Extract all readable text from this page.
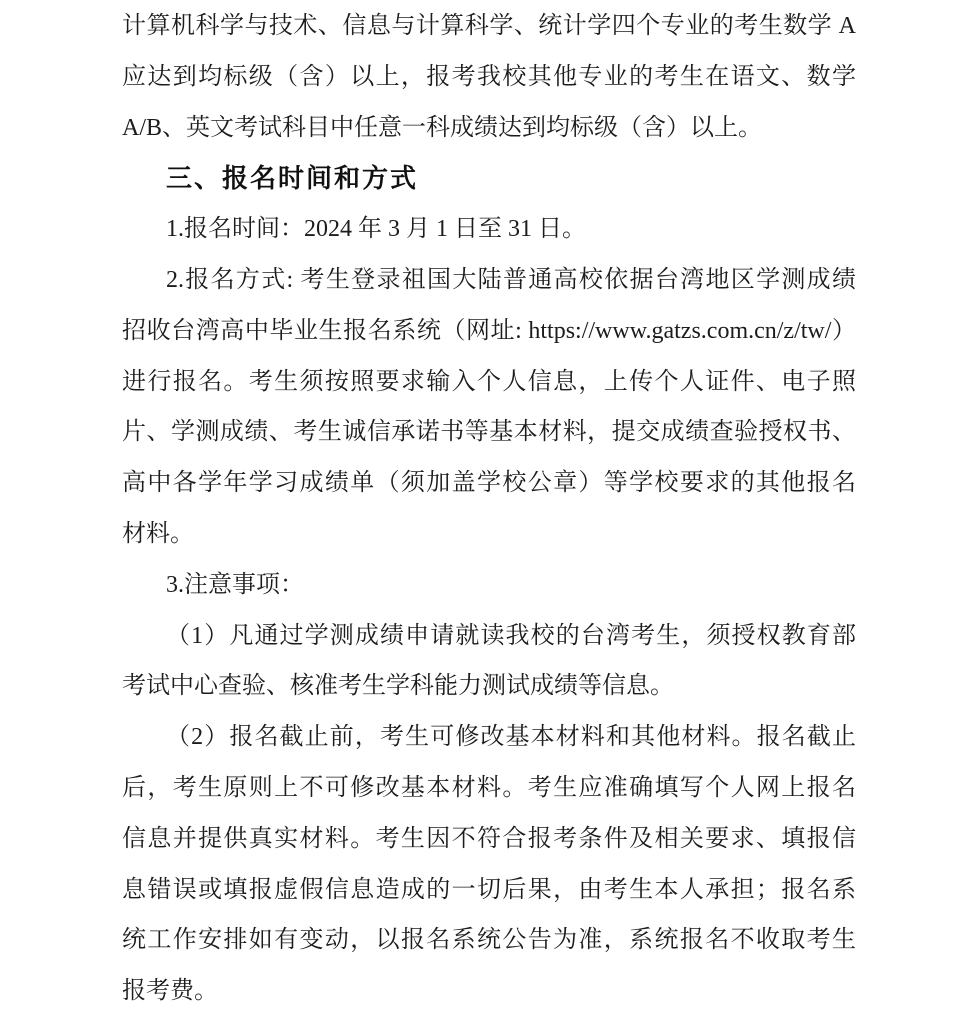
计算机科学与技术、信息与计算科学、统计学四个专业的考生数学 A
应达到均标级（含）以上，报考我校其他专业的考生在语文、数学
A/B、英文考试科目中任意一科成绩达到均标级（含）以上。
三、报名时间和方式
1.报名时间：2024 年 3 月 1 日至 31 日。
2.报名方式: 考生登录祖国大陆普通高校依据台湾地区学测成绩
招收台湾高中毕业生报名系统（网址: https://www.gatzs.com.cn/z/tw/）
进行报名。考生须按照要求输入个人信息，上传个人证件、电子照
片、学测成绩、考生诚信承诺书等基本材料，提交成绩查验授权书、
高中各学年学习成绩单（须加盖学校公章）等学校要求的其他报名
材料。
3.注意事项：
（1）凡通过学测成绩申请就读我校的台湾考生，须授权教育部
考试中心查验、核准考生学科能力测试成绩等信息。
（2）报名截止前，考生可修改基本材料和其他材料。报名截止
后，考生原则上不可修改基本材料。考生应准确填写个人网上报名
信息并提供真实材料。考生因不符合报考条件及相关要求、填报信
息错误或填报虚假信息造成的一切后果，由考生本人承担；报名系
统工作安排如有变动，以报名系统公告为准，系统报名不收取考生
报考费。
